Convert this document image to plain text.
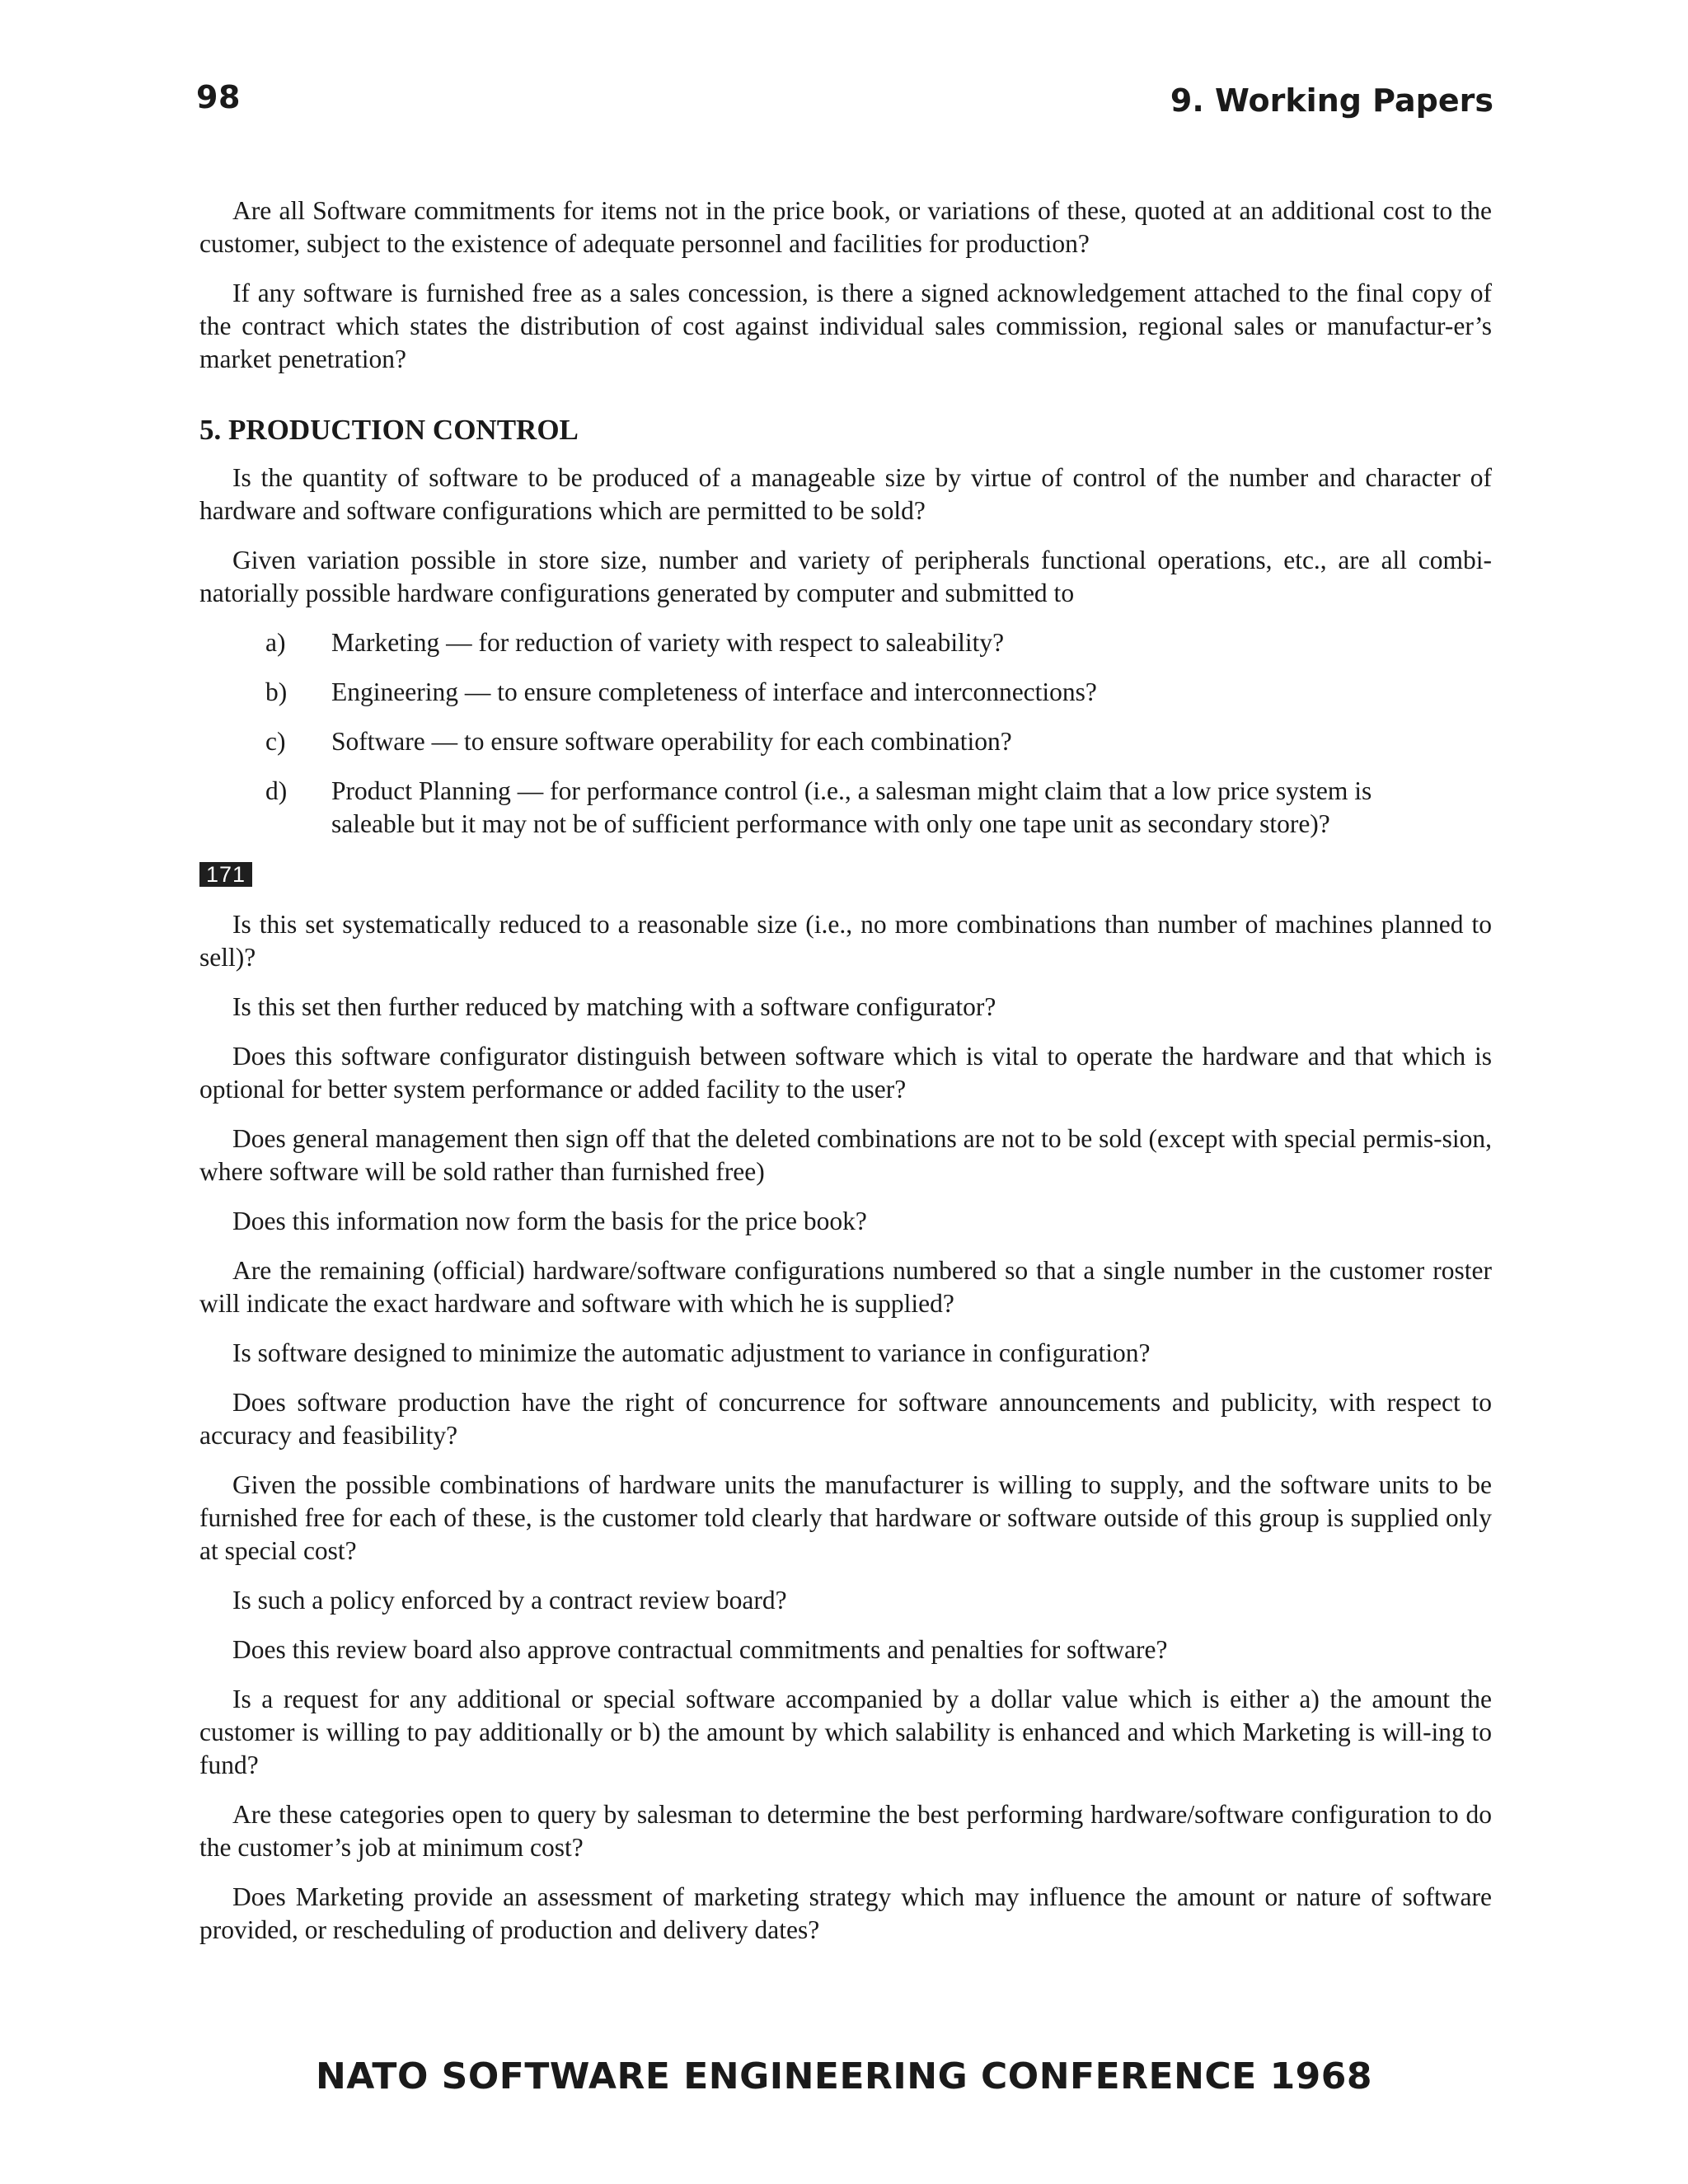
98	9. Working Papers

Are all Software commitments for items not in the price book, or variations of these, quoted at an additional cost to the customer, subject to the existence of adequate personnel and facilities for production?

If any software is furnished free as a sales concession, is there a signed acknowledgement attached to the final copy of the contract which states the distribution of cost against individual sales commission, regional sales or manufactur-er’s market penetration?

5. PRODUCTION CONTROL

Is the quantity of software to be produced of a manageable size by virtue of control of the number and character of hardware and software configurations which are permitted to be sold?

Given variation possible in store size, number and variety of peripherals functional operations, etc., are all combi-natorially possible hardware configurations generated by computer and submitted to

a)	Marketing — for reduction of variety with respect to saleability?
b)	Engineering — to ensure completeness of interface and interconnections?
c)	Software — to ensure software operability for each combination?
d)	Product Planning — for performance control (i.e., a salesman might claim that a low price system is saleable but it may not be of sufficient performance with only one tape unit as secondary store)?
171

Is this set systematically reduced to a reasonable size (i.e., no more combinations than number of machines planned to sell)?

Is this set then further reduced by matching with a software configurator?

Does this software configurator distinguish between software which is vital to operate the hardware and that which is optional for better system performance or added facility to the user?

Does general management then sign off that the deleted combinations are not to be sold (except with special permis-sion, where software will be sold rather than furnished free)

Does this information now form the basis for the price book?

Are the remaining (official) hardware/software configurations numbered so that a single number in the customer roster will indicate the exact hardware and software with which he is supplied?

Is software designed to minimize the automatic adjustment to variance in configuration?

Does software production have the right of concurrence for software announcements and publicity, with respect to accuracy and feasibility?

Given the possible combinations of hardware units the manufacturer is willing to supply, and the software units to be furnished free for each of these, is the customer told clearly that hardware or software outside of this group is supplied only at special cost?

Is such a policy enforced by a contract review board?

Does this review board also approve contractual commitments and penalties for software?

Is a request for any additional or special software accompanied by a dollar value which is either a) the amount the customer is willing to pay additionally or b) the amount by which salability is enhanced and which Marketing is will-ing to fund?

Are these categories open to query by salesman to determine the best performing hardware/software configuration to do the customer’s job at minimum cost?

Does Marketing provide an assessment of marketing strategy which may influence the amount or nature of software provided, or rescheduling of production and delivery dates?

NATO SOFTWARE ENGINEERING CONFERENCE 1968
